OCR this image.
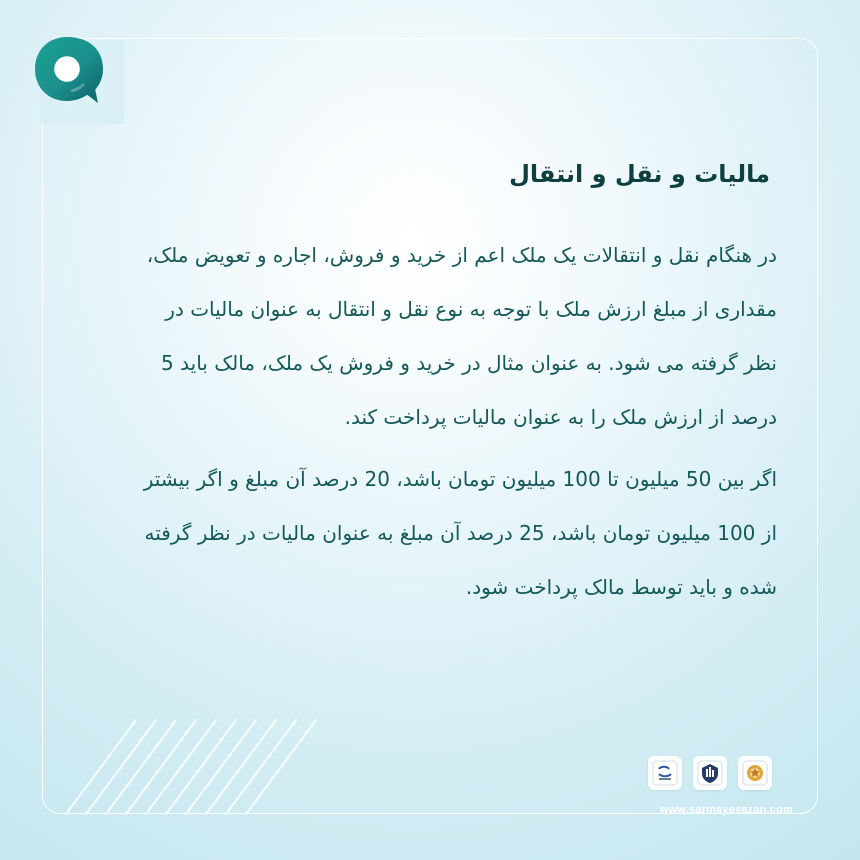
مالیات و نقل و انتقال

در هنگام نقل و انتقالات یک ملک اعم از خرید و فروش، اجاره و تعویض ملک، مقداری از مبلغ ارزش ملک با توجه به نوع نقل و انتقال به عنوان مالیات در نظر گرفته می شود. به عنوان مثال در خرید و فروش یک ملک، مالک باید 5 درصد از ارزش ملک را به عنوان مالیات پرداخت کند.

اگر بین 50 میلیون تا 100 میلیون تومان باشد، 20 درصد آن مبلغ و اگر بیشتر از 100 میلیون تومان باشد، 25 درصد آن مبلغ به عنوان مالیات در نظر گرفته شده و باید توسط مالک پرداخت شود.

www.sarmayesazan.com
